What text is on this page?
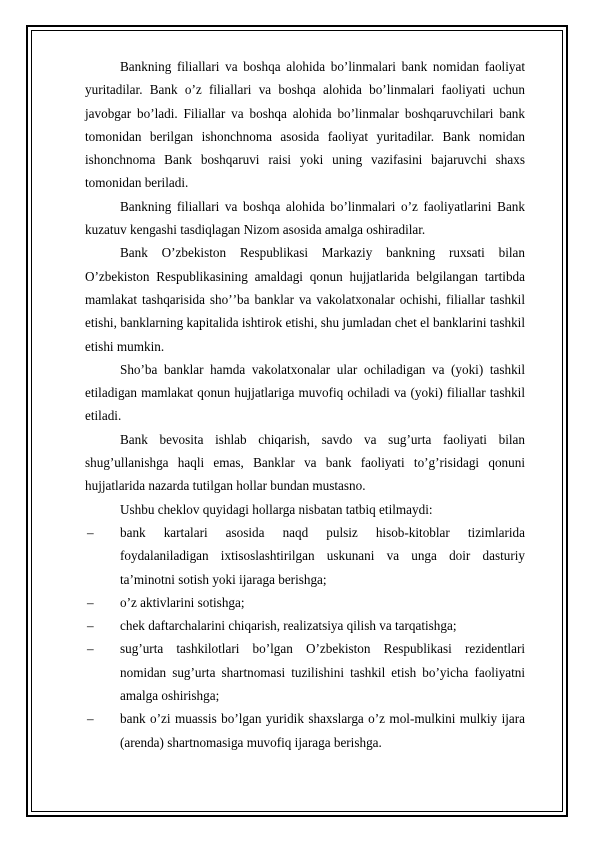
Bankning filiallari va boshqa alohida boʼlinmalari bank nomidan faoliyat yuritadilar. Bank oʼz filiallari va boshqa alohida boʼlinmalari faoliyati uchun javobgar boʼladi. Filiallar va boshqa alohida boʼlinmalar boshqaruvchilari bank tomonidan berilgan ishonchnoma asosida faoliyat yuritadilar. Bank nomidan ishonchnoma Bank boshqaruvi raisi yoki uning vazifasini bajaruvchi shaxs tomonidan beriladi.

Bankning filiallari va boshqa alohida boʼlinmalari oʼz faoliyatlarini Bank kuzatuv kengashi tasdiqlagan Nizom asosida amalga oshiradilar.

Bank Oʼzbekiston Respublikasi Markaziy bankning ruxsati bilan Oʼzbekiston Respublikasining amaldagi qonun hujjatlarida belgilangan tartibda mamlakat tashqarisida shoʼʼba banklar va vakolatxonalar ochishi, filiallar tashkil etishi, banklarning kapitalida ishtirok etishi, shu jumladan chet el banklarini tashkil etishi mumkin.

Shoʼba banklar hamda vakolatxonalar ular ochiladigan va (yoki) tashkil etiladigan mamlakat qonun hujjatlariga muvofiq ochiladi va (yoki) filiallar tashkil etiladi.

Bank bevosita ishlab chiqarish, savdo va sugʼurta faoliyati bilan shugʼullanishga haqli emas, Banklar va bank faoliyati toʼgʼrisidagi qonuni hujjatlarida nazarda tutilgan hollar bundan mustasno.

Ushbu cheklov quyidagi hollarga nisbatan tatbiq etilmaydi:

– bank kartalari asosida naqd pulsiz hisob-kitoblar tizimlarida foydalaniladigan ixtisoslashtirilgan uskunani va unga doir dasturiy taʼminotni sotish yoki ijaraga berishga;
– oʼz aktivlarini sotishga;
– chek daftarchalarini chiqarish, realizatsiya qilish va tarqatishga;
– sugʼurta tashkilotlari boʼlgan Oʼzbekiston Respublikasi rezidentlari nomidan sugʼurta shartnomasi tuzilishini tashkil etish boʼyicha faoliyatni amalga oshirishga;
– bank oʼzi muassis boʼlgan yuridik shaxslarga oʼz mol-mulkini mulkiy ijara (arenda) shartnomasiga muvofiq ijaraga berishga.
